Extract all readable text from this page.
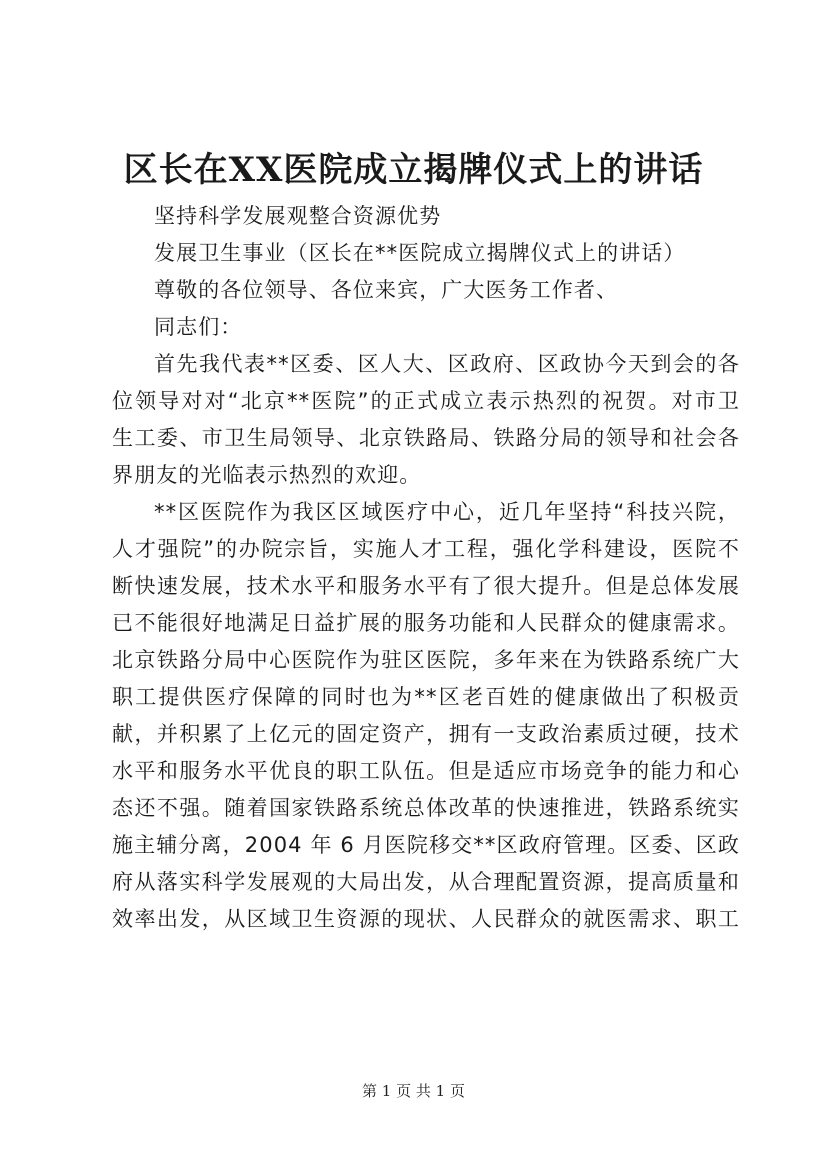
区长在XX医院成立揭牌仪式上的讲话
坚持科学发展观整合资源优势
发展卫生事业（区长在**医院成立揭牌仪式上的讲话）
尊敬的各位领导、各位来宾，广大医务工作者、
同志们：
首先我代表**区委、区人大、区政府、区政协今天到会的各
位领导对对“北京**医院”的正式成立表示热烈的祝贺。对市卫
生工委、市卫生局领导、北京铁路局、铁路分局的领导和社会各
界朋友的光临表示热烈的欢迎。
**区医院作为我区区域医疗中心，近几年坚持“科技兴院，
人才强院”的办院宗旨，实施人才工程，强化学科建设，医院不
断快速发展，技术水平和服务水平有了很大提升。但是总体发展
已不能很好地满足日益扩展的服务功能和人民群众的健康需求。
北京铁路分局中心医院作为驻区医院，多年来在为铁路系统广大
职工提供医疗保障的同时也为**区老百姓的健康做出了积极贡
献，并积累了上亿元的固定资产，拥有一支政治素质过硬，技术
水平和服务水平优良的职工队伍。但是适应市场竞争的能力和心
态还不强。随着国家铁路系统总体改革的快速推进，铁路系统实
施主辅分离，2004 年 6 月医院移交**区政府管理。区委、区政
府从落实科学发展观的大局出发，从合理配置资源，提高质量和
效率出发，从区域卫生资源的现状、人民群众的就医需求、职工
第 1 页 共 1 页
